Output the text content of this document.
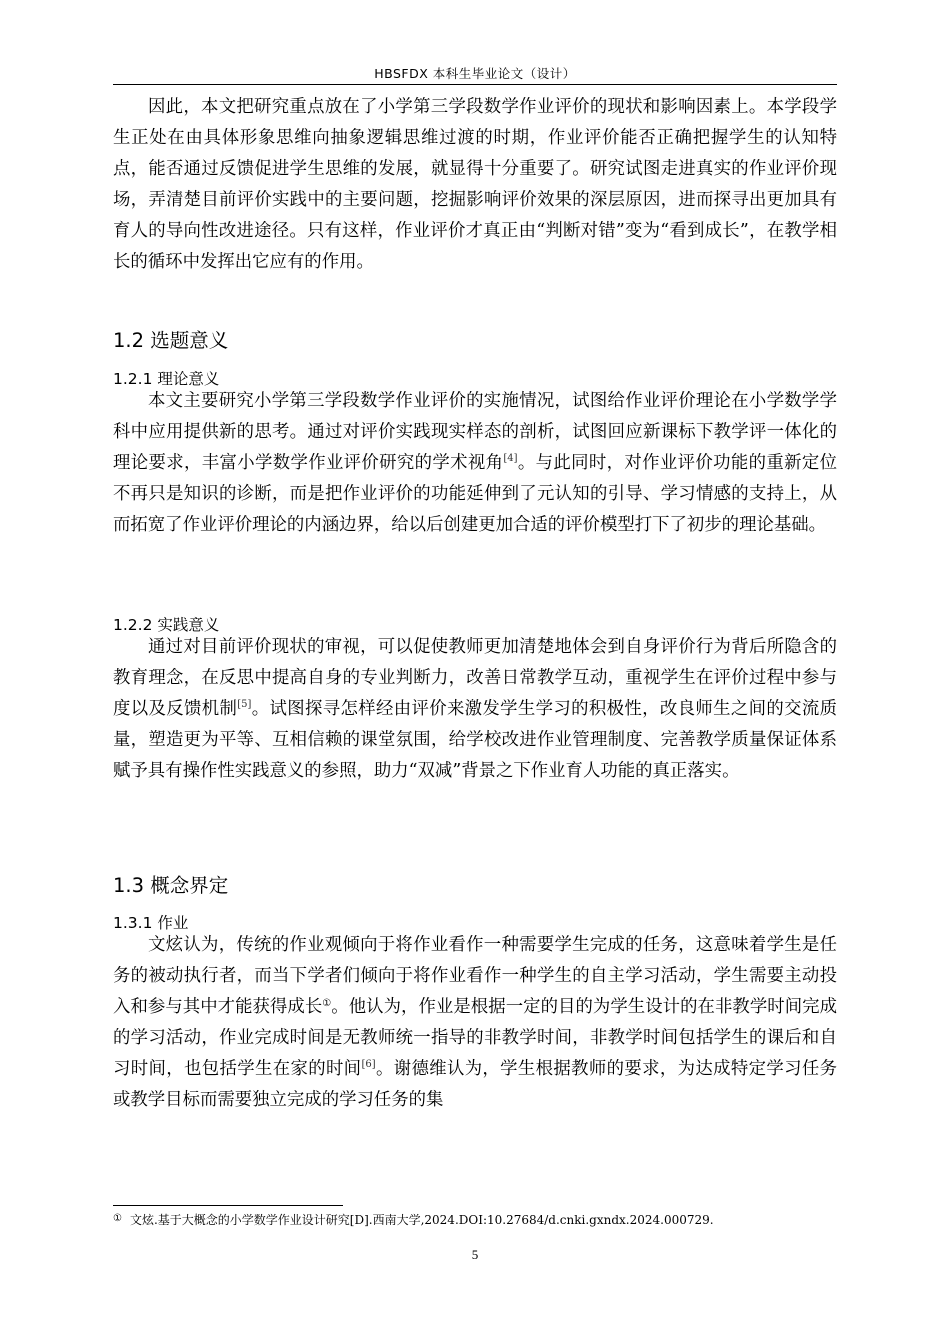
HBSFDX 本科生毕业论文（设计）
因此，本文把研究重点放在了小学第三学段数学作业评价的现状和影响因素上。本学段学生正处在由具体形象思维向抽象逻辑思维过渡的时期，作业评价能否正确把握学生的认知特点，能否通过反馈促进学生思维的发展，就显得十分重要了。研究试图走进真实的作业评价现场，弄清楚目前评价实践中的主要问题，挖掘影响评价效果的深层原因，进而探寻出更加具有育人的导向性改进途径。只有这样，作业评价才真正由“判断对错”变为“看到成长”，在教学相长的循环中发挥出它应有的作用。
1.2 选题意义
1.2.1 理论意义
本文主要研究小学第三学段数学作业评价的实施情况，试图给作业评价理论在小学数学学科中应用提供新的思考。通过对评价实践现实样态的剖析，试图回应新课标下教学评一体化的理论要求，丰富小学数学作业评价研究的学术视角[4]。与此同时，对作业评价功能的重新定位不再只是知识的诊断，而是把作业评价的功能延伸到了元认知的引导、学习情感的支持上，从而拓宽了作业评价理论的内涵边界，给以后创建更加合适的评价模型打下了初步的理论基础。
1.2.2 实践意义
通过对目前评价现状的审视，可以促使教师更加清楚地体会到自身评价行为背后所隐含的教育理念，在反思中提高自身的专业判断力，改善日常教学互动，重视学生在评价过程中参与度以及反馈机制[5]。试图探寻怎样经由评价来激发学生学习的积极性，改良师生之间的交流质量，塑造更为平等、互相信赖的课堂氛围，给学校改进作业管理制度、完善教学质量保证体系赋予具有操作性实践意义的参照，助力“双减”背景之下作业育人功能的真正落实。
1.3 概念界定
1.3.1 作业
文炫认为，传统的作业观倾向于将作业看作一种需要学生完成的任务，这意味着学生是任务的被动执行者，而当下学者们倾向于将作业看作一种学生的自主学习活动，学生需要主动投入和参与其中才能获得成长①。他认为，作业是根据一定的目的为学生设计的在非教学时间完成的学习活动，作业完成时间是无教师统一指导的非教学时间，非教学时间包括学生的课后和自习时间，也包括学生在家的时间[6]。谢德维认为，学生根据教师的要求，为达成特定学习任务或教学目标而需要独立完成的学习任务的集
① 文炫.基于大概念的小学数学作业设计研究[D].西南大学,2024.DOI:10.27684/d.cnki.gxndx.2024.000729.
5
